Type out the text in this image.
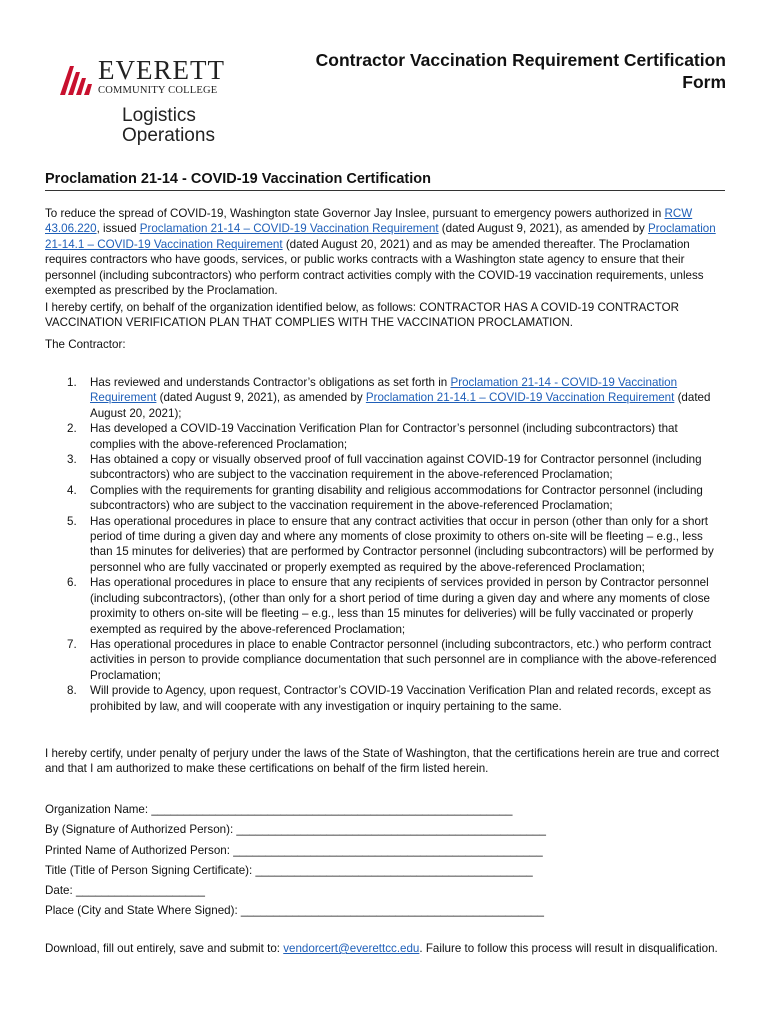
EVERETT
COMMUNITY COLLEGE
Logistics
Operations
Contractor Vaccination Requirement Certification
Form
Proclamation 21-14 - COVID-19 Vaccination Certification

To reduce the spread of COVID-19, Washington state Governor Jay Inslee, pursuant to emergency powers authorized in RCW 43.06.220, issued Proclamation 21-14 – COVID-19 Vaccination Requirement (dated August 9, 2021), as amended by Proclamation 21-14.1 – COVID-19 Vaccination Requirement (dated August 20, 2021) and as may be amended thereafter. The Proclamation requires contractors who have goods, services, or public works contracts with a Washington state agency to ensure that their personnel (including subcontractors) who perform contract activities comply with the COVID-19 vaccination requirements, unless exempted as prescribed by the Proclamation.

I hereby certify, on behalf of the organization identified below, as follows: CONTRACTOR HAS A COVID-19 CONTRACTOR VACCINATION VERIFICATION PLAN THAT COMPLIES WITH THE VACCINATION PROCLAMATION.
The Contractor:
1. Has reviewed and understands Contractor’s obligations as set forth in Proclamation 21-14 - COVID-19 Vaccination Requirement (dated August 9, 2021), as amended by Proclamation 21-14.1 – COVID-19 Vaccination Requirement (dated August 20, 2021);
2. Has developed a COVID-19 Vaccination Verification Plan for Contractor’s personnel (including subcontractors) that complies with the above-referenced Proclamation;
3. Has obtained a copy or visually observed proof of full vaccination against COVID-19 for Contractor personnel (including subcontractors) who are subject to the vaccination requirement in the above-referenced Proclamation;
4. Complies with the requirements for granting disability and religious accommodations for Contractor personnel (including subcontractors) who are subject to the vaccination requirement in the above-referenced Proclamation;
5. Has operational procedures in place to ensure that any contract activities that occur in person (other than only for a short period of time during a given day and where any moments of close proximity to others on-site will be fleeting – e.g., less than 15 minutes for deliveries) that are performed by Contractor personnel (including subcontractors) will be performed by personnel who are fully vaccinated or properly exempted as required by the above-referenced Proclamation;
6. Has operational procedures in place to ensure that any recipients of services provided in person by Contractor personnel (including subcontractors), (other than only for a short period of time during a given day and where any moments of close proximity to others on-site will be fleeting – e.g., less than 15 minutes for deliveries) will be fully vaccinated or properly exempted as required by the above-referenced Proclamation;
7. Has operational procedures in place to enable Contractor personnel (including subcontractors, etc.) who perform contract activities in person to provide compliance documentation that such personnel are in compliance with the above-referenced Proclamation;
8. Will provide to Agency, upon request, Contractor’s COVID-19 Vaccination Verification Plan and related records, except as prohibited by law, and will cooperate with any investigation or inquiry pertaining to the same.
I hereby certify, under penalty of perjury under the laws of the State of Washington, that the certifications herein are true and correct and that I am authorized to make these certifications on behalf of the firm listed herein.
Organization Name: ________________________________________________________
By (Signature of Authorized Person): ________________________________________________
Printed Name of Authorized Person: ________________________________________________
Title (Title of Person Signing Certificate): ___________________________________________
Date: ____________________
Place (City and State Where Signed): _______________________________________________
Download, fill out entirely, save and submit to: vendorcert@everettcc.edu. Failure to follow this process will result in disqualification.
